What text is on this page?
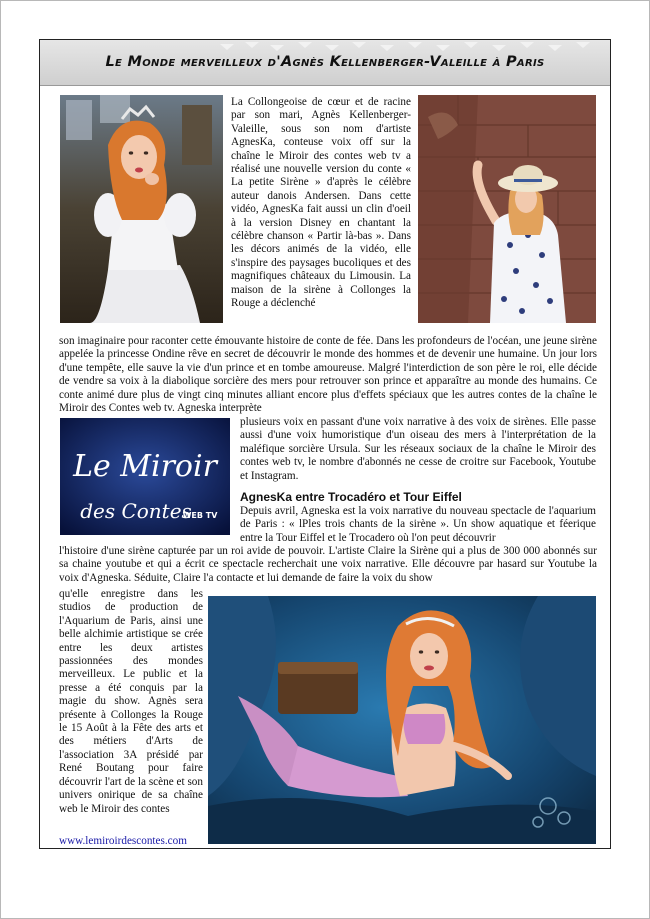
Le Monde merveilleux d'Agnès Kellenberger-Valeille à Paris

La Collongeoise de cœur et de racine par son mari, Agnès Kellenberger-Valeille, sous son nom d'artiste AgnesKa, conteuse voix off sur la chaîne le Miroir des contes web tv a réalisé une nouvelle version du conte « La petite Sirène » d'après le célèbre auteur danois Andersen. Dans cette vidéo, AgnesKa fait aussi un clin d'oeil à la version Disney en chantant la célèbre chanson « Partir là-bas ». Dans les décors animés de la vidéo, elle s'inspire des paysages bucoliques et des magnifiques châteaux du Limousin. La maison de la sirène à Collonges la Rouge a déclenché

son imaginaire pour raconter cette émouvante histoire de conte de fée. Dans les profondeurs de l'océan, une jeune sirène appelée la princesse Ondine rêve en secret de découvrir le monde des hommes et de devenir une humaine. Un jour lors d'une tempête, elle sauve la vie d'un prince et en tombe amoureuse. Malgré l'interdiction de son père le roi, elle décide de vendre sa voix à la diabolique sorcière des mers pour retrouver son prince et apparaître au monde des humains. Ce conte animé dure plus de vingt cinq minutes alliant encore plus d'effets spéciaux que les autres contes de la chaîne le Miroir des Contes web tv. Agneska interprète

Le Miroir
des Contes
WEB TV

plusieurs voix en passant d'une voix narrative à des voix de sirènes. Elle passe aussi d'une voix humoristique d'un oiseau des mers à l'interprétation de la maléfique sorcière Ursula. Sur les réseaux sociaux de la chaîne le Miroir des contes web tv, le nombre d'abonnés ne cesse de croitre sur Facebook, Youtube et Instagram.

AgnesKa entre Trocadéro et Tour Eiffel

Depuis avril, Agneska est la voix narrative du nouveau spectacle de l'aquarium de Paris : « lPles trois chants de la sirène ». Un show aquatique et féerique entre la Tour Eiffel et le Trocadero où l'on peut découvrir

l'histoire d'une sirène capturée par un roi avide de pouvoir. L'artiste Claire la Sirène qui a plus de 300 000 abonnés sur sa chaine youtube et qui a écrit ce spectacle recherchait une voix narrative. Elle découvre par hasard sur Youtube la voix d'Agneska. Séduite, Claire l'a contacte et lui demande de faire la voix du show

qu'elle enregistre dans les studios de production de l'Aquarium de Paris, ainsi une belle alchimie artistique se crée entre les deux artistes passionnées des mondes merveilleux. Le public et la presse a été conquis par la magie du show. Agnès sera présente à Collonges la Rouge le 15 Août à la Fête des arts et des métiers d'Arts de l'association 3A présidé par René Boutang pour faire découvrir l'art de la scène et son univers onirique de sa chaîne web le Miroir des contes

www.lemiroirdescontes.com
